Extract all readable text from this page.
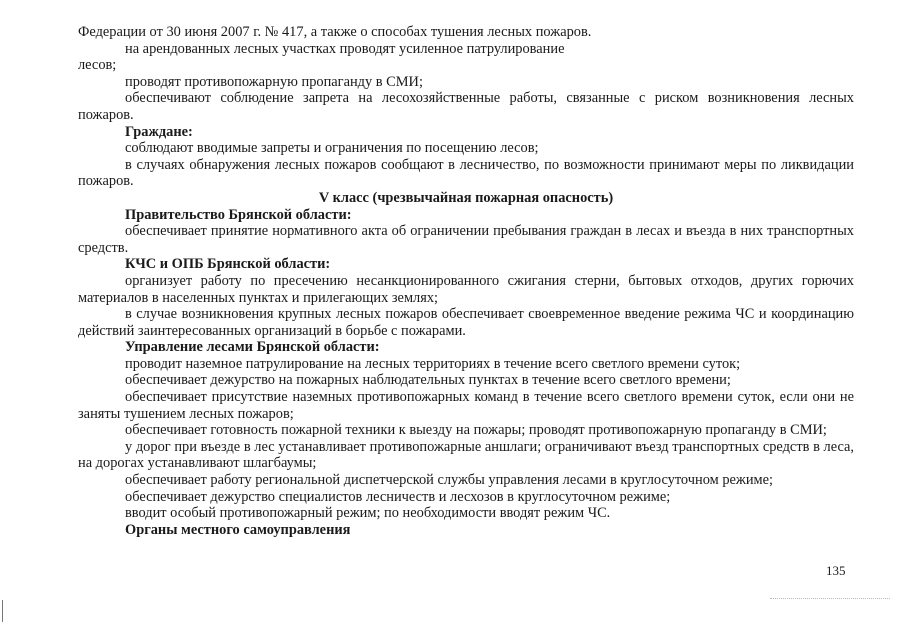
Федерации от 30 июня 2007 г. № 417, а также о способах тушения лесных пожаров.

на арендованных лесных участках проводят усиленное патрулирование

лесов;

проводят противопожарную пропаганду в СМИ;

обеспечивают соблюдение запрета на лесохозяйственные работы, связанные с риском возникновения лесных пожаров.

Граждане:

соблюдают вводимые запреты и ограничения по посещению лесов;

в случаях обнаружения лесных пожаров сообщают в лесничество, по возможности принимают меры по ликвидации пожаров.

V класс (чрезвычайная пожарная опасность)

Правительство Брянской области:

обеспечивает принятие нормативного акта об ограничении пребывания граждан в лесах и въезда в них транспортных средств.

КЧС и ОПБ Брянской области:

организует работу по пресечению несанкционированного сжигания стерни, бытовых отходов, других горючих материалов в населенных пунктах и прилегающих землях;

в случае возникновения крупных лесных пожаров обеспечивает своевременное введение режима ЧС и координацию действий заинтересованных организаций в борьбе с пожарами.

Управление лесами Брянской области:

проводит наземное патрулирование на лесных территориях в течение всего светлого времени суток;

обеспечивает дежурство на пожарных наблюдательных пунктах в течение всего светлого времени;

обеспечивает присутствие наземных противопожарных команд в течение всего светлого времени суток, если они не заняты тушением лесных пожаров;

обеспечивает готовность пожарной техники к выезду на пожары; проводят противопожарную пропаганду в СМИ;

у дорог при въезде в лес устанавливает противопожарные аншлаги; ограничивают въезд транспортных средств в леса, на дорогах устанавливают шлагбаумы;

обеспечивает работу региональной диспетчерской службы управления лесами в круглосуточном режиме;

обеспечивает дежурство специалистов лесничеств и лесхозов в круглосуточном режиме;

вводит особый противопожарный режим; по необходимости вводят режим ЧС.

Органы местного самоуправления

135
